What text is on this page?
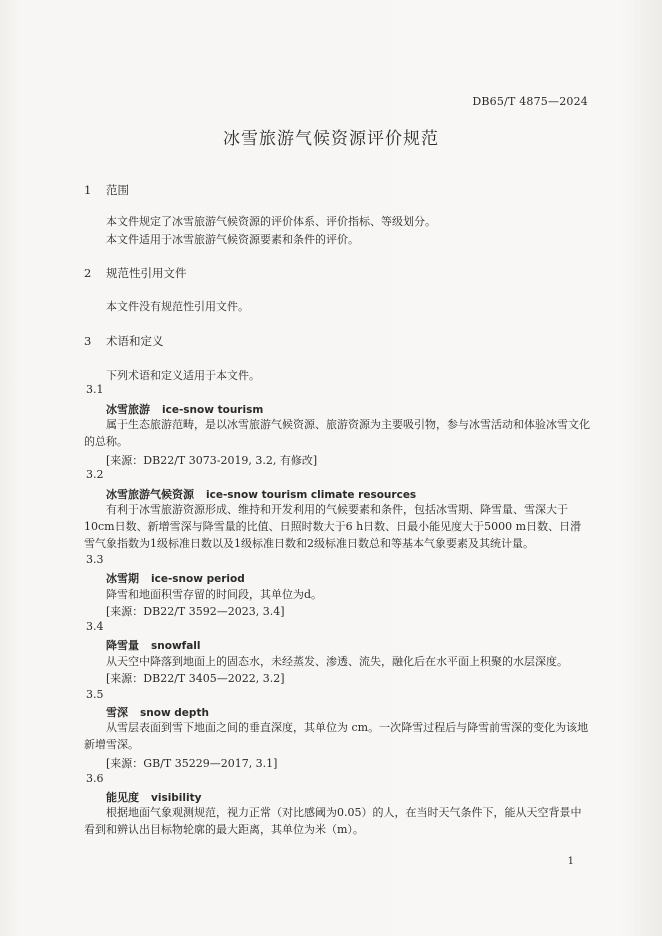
DB65/T 4875—2024
冰雪旅游气候资源评价规范
1 范围
本文件规定了冰雪旅游气候资源的评价体系、评价指标、等级划分。
本文件适用于冰雪旅游气候资源要素和条件的评价。
2 规范性引用文件
本文件没有规范性引用文件。
3 术语和定义
下列术语和定义适用于本文件。
3.1
冰雪旅游 ice-snow tourism
属于生态旅游范畴，是以冰雪旅游气候资源、旅游资源为主要吸引物，参与冰雪活动和体验冰雪文化的总称。
[来源：DB22/T 3073-2019, 3.2, 有修改]
3.2
冰雪旅游气候资源 ice-snow tourism climate resources
有利于冰雪旅游资源形成、维持和开发利用的气候要素和条件，包括冰雪期、降雪量、雪深大于10cm日数、新增雪深与降雪量的比值、日照时数大于6 h日数、日最小能见度大于5000 m日数、日滑雪气象指数为1级标准日数以及1级标准日数和2级标准日数总和等基本气象要素及其统计量。
3.3
冰雪期 ice-snow period
降雪和地面积雪存留的时间段，其单位为d。
[来源：DB22/T 3592—2023, 3.4]
3.4
降雪量 snowfall
从天空中降落到地面上的固态水，未经蒸发、渗透、流失，融化后在水平面上积聚的水层深度。
[来源：DB22/T 3405—2022, 3.2]
3.5
雪深 snow depth
从雪层表面到雪下地面之间的垂直深度，其单位为 cm。一次降雪过程后与降雪前雪深的变化为该地新增雪深。
[来源：GB/T 35229—2017, 3.1]
3.6
能见度 visibility
根据地面气象观测规范，视力正常（对比感阈为0.05）的人，在当时天气条件下，能从天空背景中看到和辨认出目标物轮廓的最大距离，其单位为米（m）。
1
